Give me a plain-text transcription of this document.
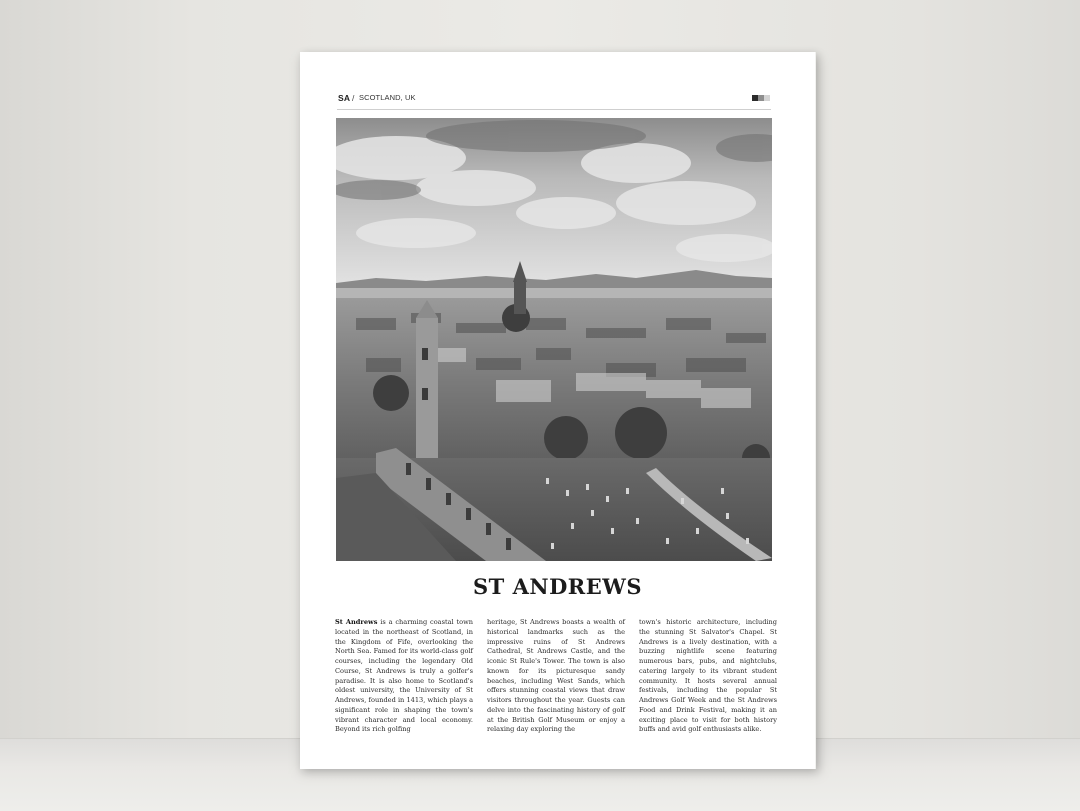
SA / SCOTLAND, UK
ST ANDREWS
St Andrews is a charming coastal town located in the northeast of Scotland, in the Kingdom of Fife, overlooking the North Sea. Famed for its world-class golf courses, including the legendary Old Course, St Andrews is truly a golfer's paradise. It is also home to Scotland's oldest university, the University of St Andrews, founded in 1413, which plays a significant role in shaping the town's vibrant character and local economy. Beyond its rich golfing
heritage, St Andrews boasts a wealth of historical landmarks such as the impressive ruins of St Andrews Cathedral, St Andrews Castle, and the iconic St Rule's Tower. The town is also known for its picturesque sandy beaches, including West Sands, which offers stunning coastal views that draw visitors throughout the year. Guests can delve into the fascinating history of golf at the British Golf Museum or enjoy a relaxing day exploring the
town's historic architecture, including the stunning St Salvator's Chapel. St Andrews is a lively destination, with a buzzing nightlife scene featuring numerous bars, pubs, and nightclubs, catering largely to its vibrant student community. It hosts several annual festivals, including the popular St Andrews Golf Week and the St Andrews Food and Drink Festival, making it an exciting place to visit for both history buffs and avid golf enthusiasts alike.
